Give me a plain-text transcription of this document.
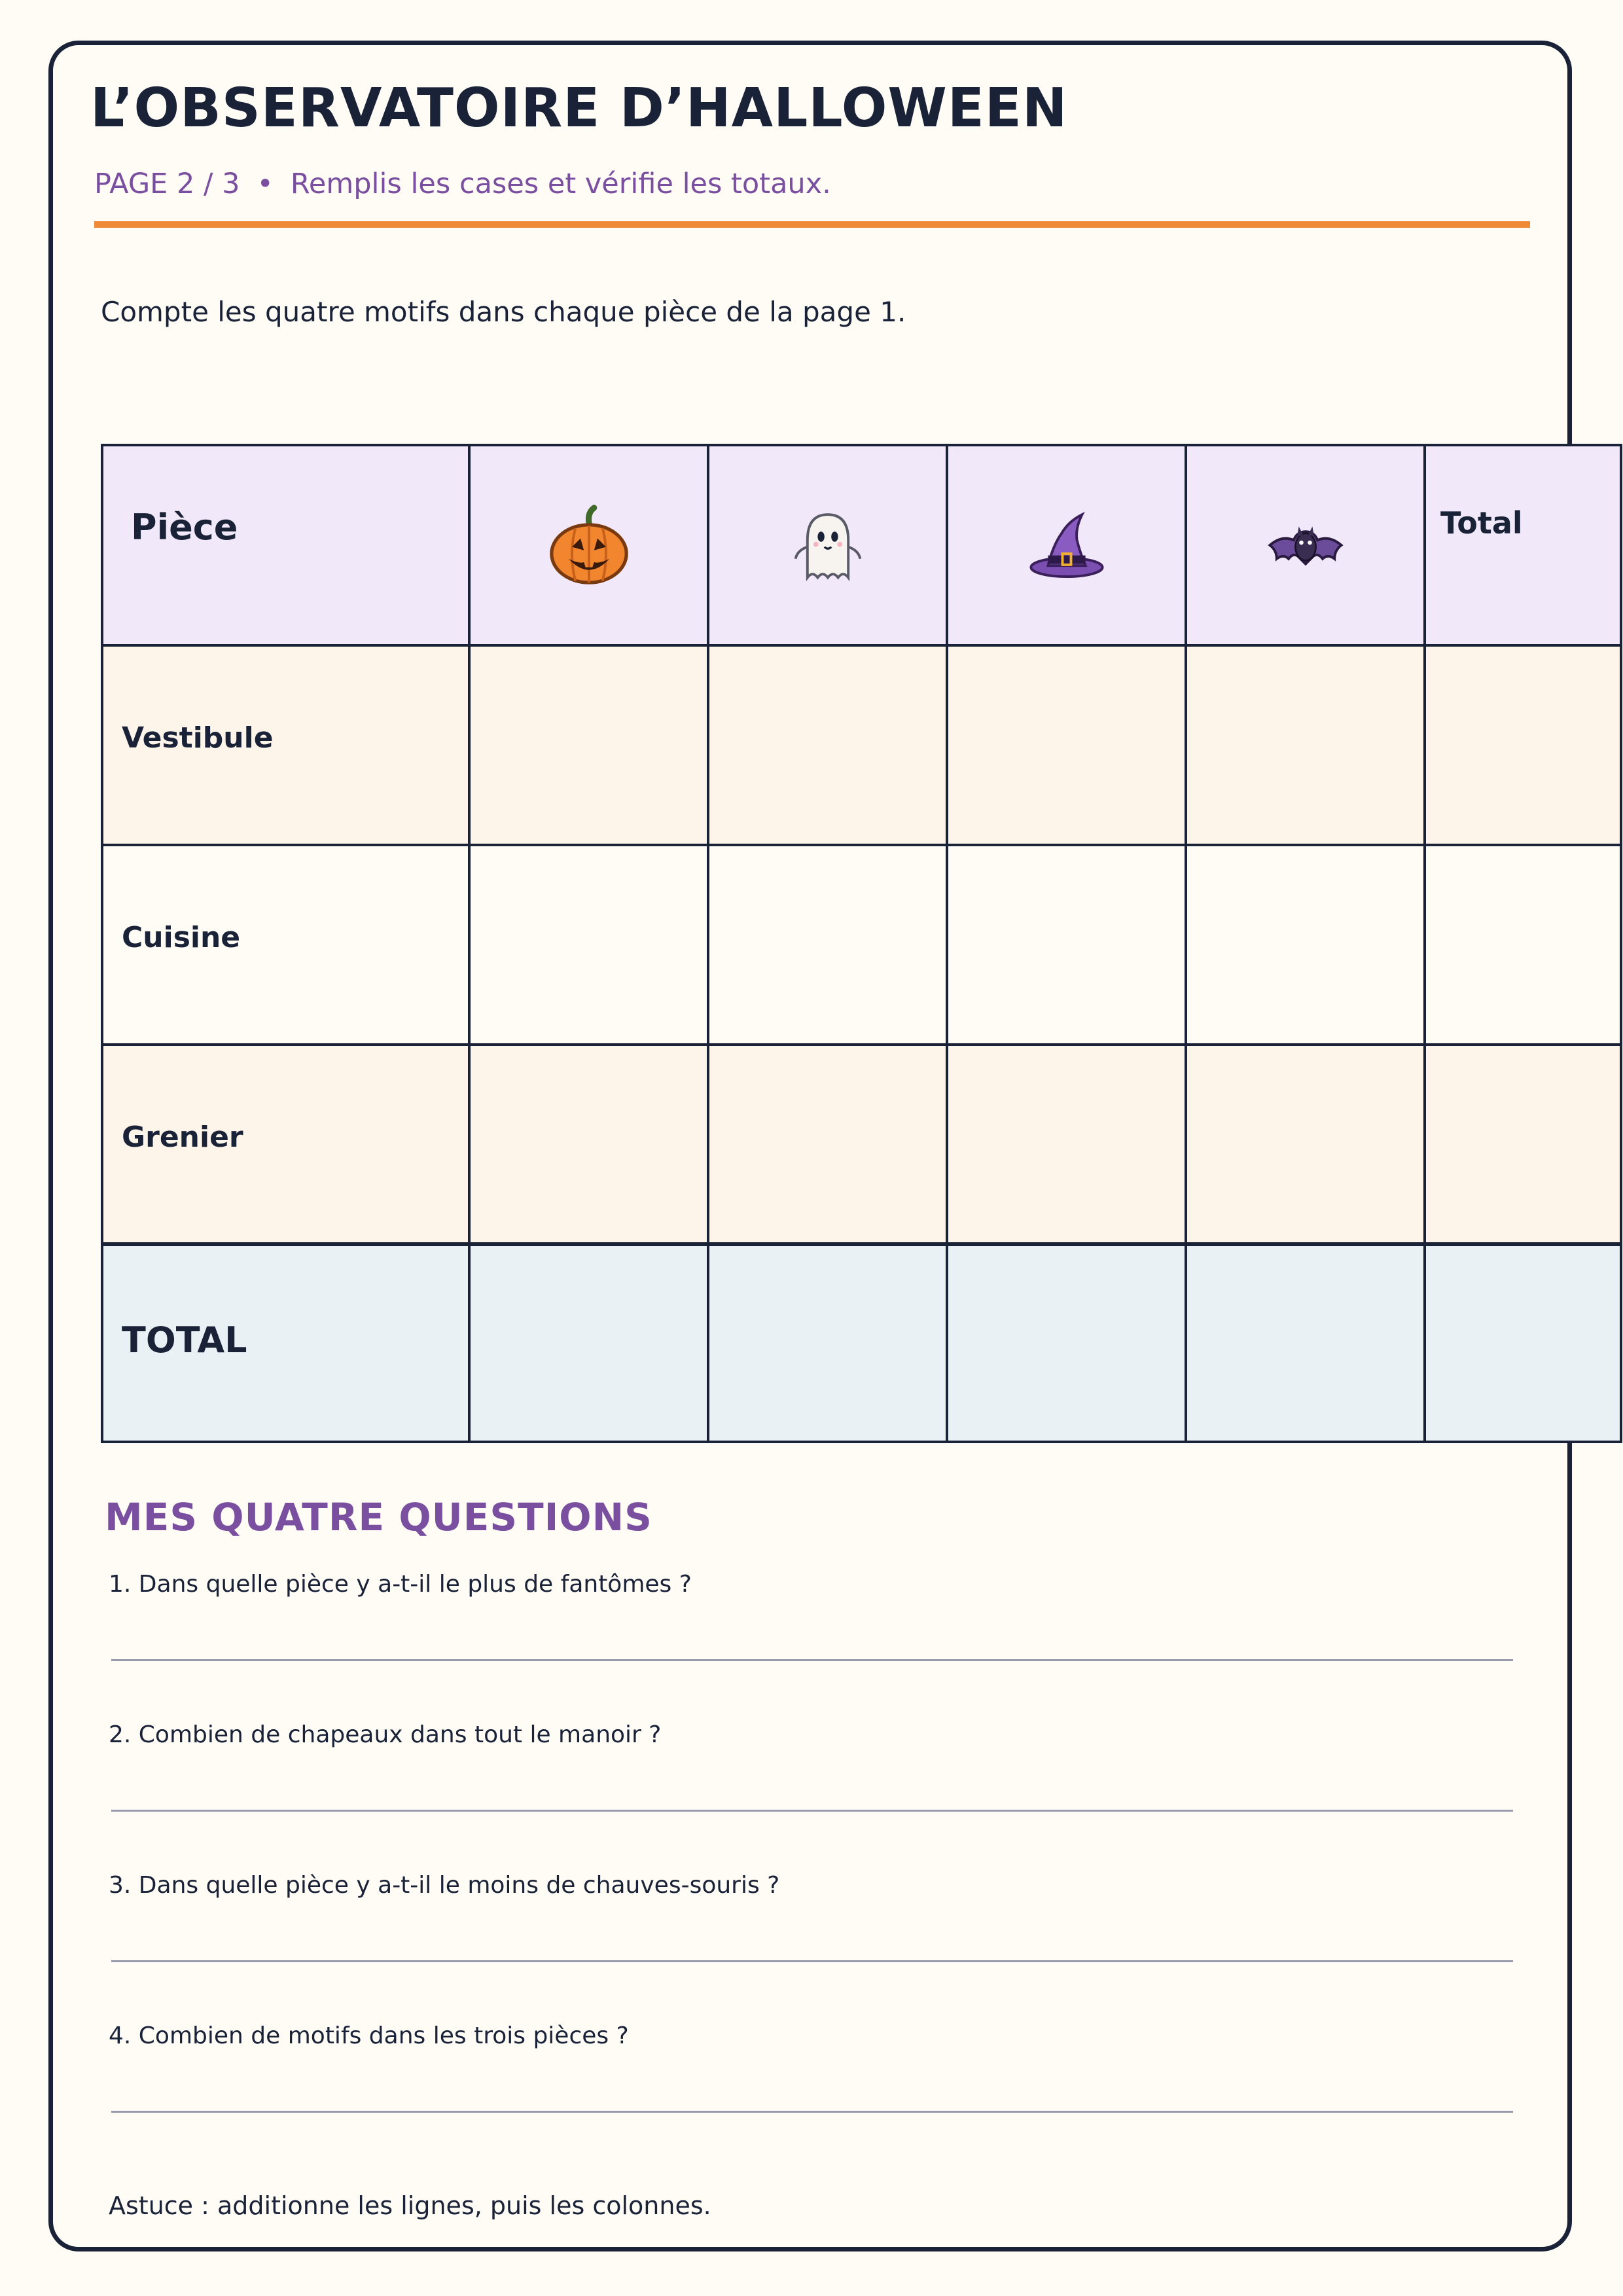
L’OBSERVATOIRE D’HALLOWEEN
PAGE 2 / 3 • Remplis les cases et vérifie les totaux.
Compte les quatre motifs dans chaque pièce de la page 1.
Pièce					Total

Vestibule					

Cuisine					

Grenier					

TOTAL					

MES QUATRE QUESTIONS
1. Dans quelle pièce y a-t-il le plus de fantômes ?
2. Combien de chapeaux dans tout le manoir ?
3. Dans quelle pièce y a-t-il le moins de chauves-souris ?
4. Combien de motifs dans les trois pièces ?
Astuce : additionne les lignes, puis les colonnes.
